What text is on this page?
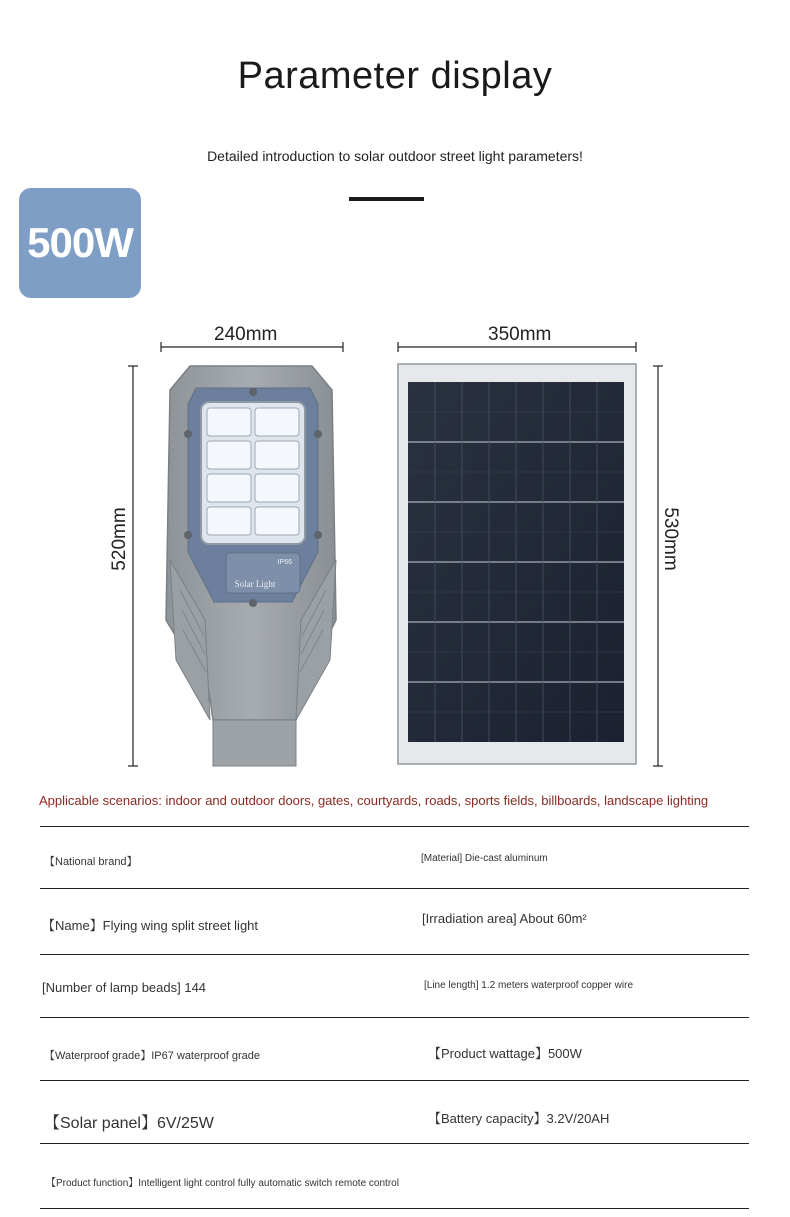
Parameter display
Detailed introduction to solar outdoor street light parameters!
500W
240mm	350mm
520mm	530mm
IP66
Solar Light
Applicable scenarios: indoor and outdoor doors, gates, courtyards, roads, sports fields, billboards, landscape lighting
【National brand】	[Material] Die-cast aluminum
【Name】Flying wing split street light	[Irradiation area] About 60m²
[Number of lamp beads] 144	[Line length] 1.2 meters waterproof copper wire
【Waterproof grade】IP67 waterproof grade	【Product wattage】500W
【Solar panel】6V/25W	【Battery capacity】3.2V/20AH
【Product function】Intelligent light control fully automatic switch remote control
